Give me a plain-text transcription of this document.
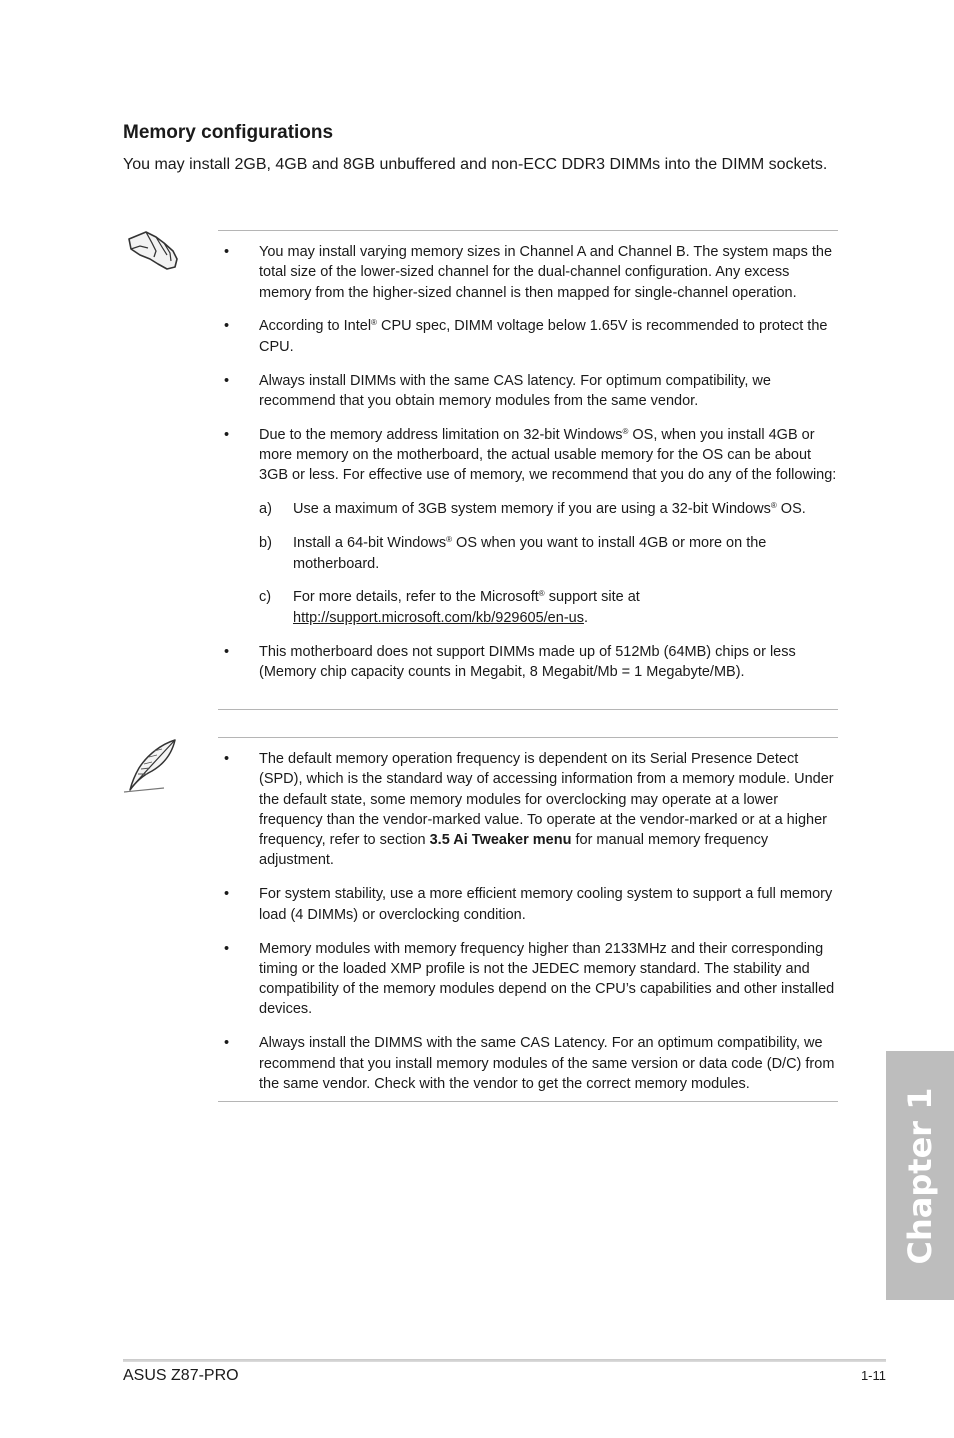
Memory configurations

You may install 2GB, 4GB and 8GB unbuffered and non-ECC DDR3 DIMMs into the DIMM sockets.

• You may install varying memory sizes in Channel A and Channel B. The system maps the total size of the lower-sized channel for the dual-channel configuration. Any excess memory from the higher-sized channel is then mapped for single-channel operation.
• According to Intel® CPU spec, DIMM voltage below 1.65V is recommended to protect the CPU.
• Always install DIMMs with the same CAS latency. For optimum compatibility, we recommend that you obtain memory modules from the same vendor.
• Due to the memory address limitation on 32-bit Windows® OS, when you install 4GB or more memory on the motherboard, the actual usable memory for the OS can be about 3GB or less. For effective use of memory, we recommend that you do any of the following:
a) Use a maximum of 3GB system memory if you are using a 32-bit Windows® OS.
b) Install a 64-bit Windows® OS when you want to install 4GB or more on the motherboard.
c) For more details, refer to the Microsoft® support site at http://support.microsoft.com/kb/929605/en-us.
• This motherboard does not support DIMMs made up of 512Mb (64MB) chips or less (Memory chip capacity counts in Megabit, 8 Megabit/Mb = 1 Megabyte/MB).
• The default memory operation frequency is dependent on its Serial Presence Detect (SPD), which is the standard way of accessing information from a memory module. Under the default state, some memory modules for overclocking may operate at a lower frequency than the vendor-marked value. To operate at the vendor-marked or at a higher frequency, refer to section 3.5 Ai Tweaker menu for manual memory frequency adjustment.
• For system stability, use a more efficient memory cooling system to support a full memory load (4 DIMMs) or overclocking condition.
• Memory modules with memory frequency higher than 2133MHz and their corresponding timing or the loaded XMP profile is not the JEDEC memory standard. The stability and compatibility of the memory modules depend on the CPU’s capabilities and other installed devices.
• Always install the DIMMS with the same CAS Latency. For an optimum compatibility, we recommend that you install memory modules of the same version or data code (D/C) from the same vendor. Check with the vendor to get the correct memory modules.
Chapter 1
ASUS Z87-PRO	1-11
